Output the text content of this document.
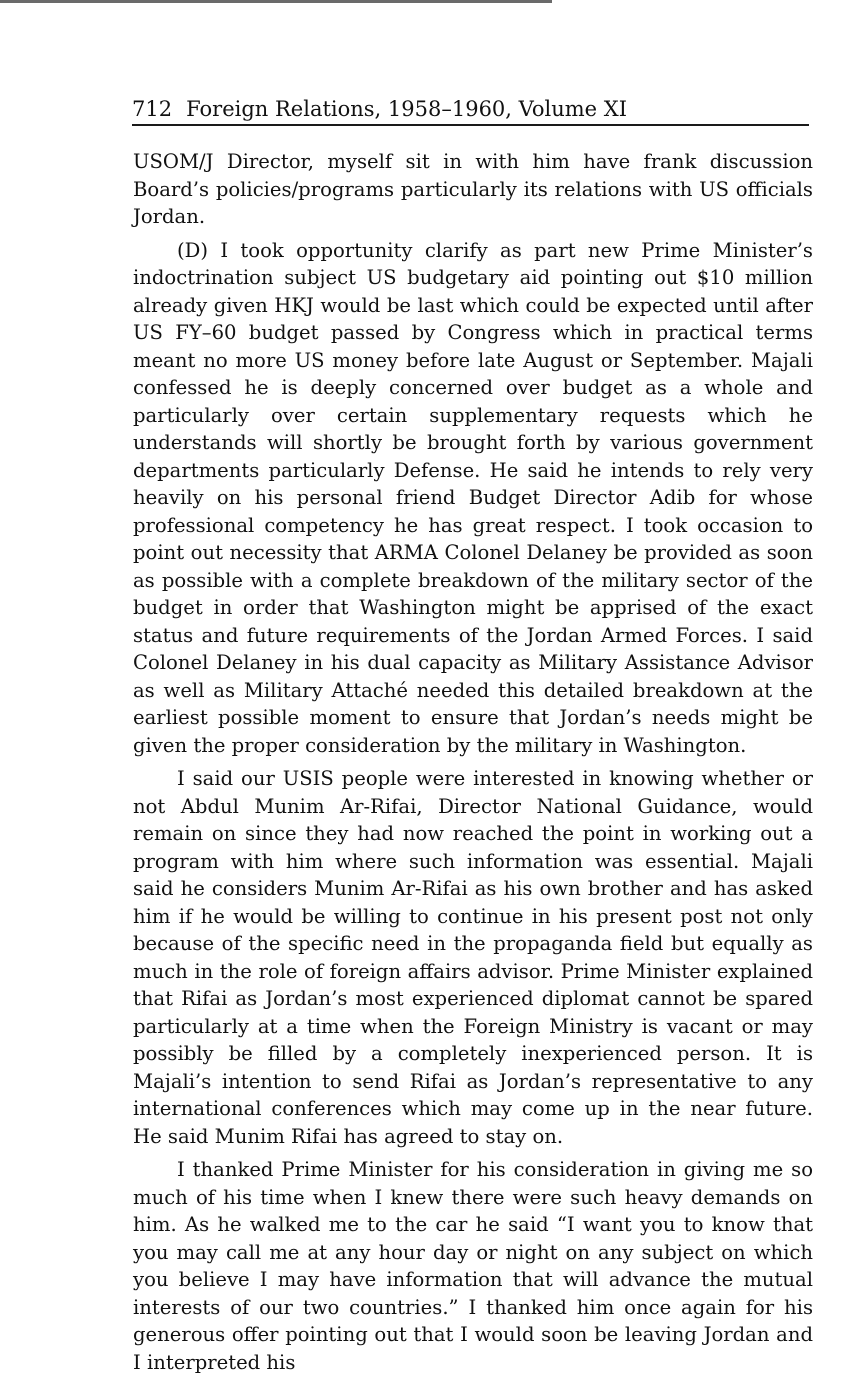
712 Foreign Relations, 1958–1960, Volume XI

USOM/J Director, myself sit in with him have frank discussion Board’s policies/programs particularly its relations with US officials Jordan.

(D) I took opportunity clarify as part new Prime Minister’s indoctrination subject US budgetary aid pointing out $10 million already given HKJ would be last which could be expected until after US FY–60 budget passed by Congress which in practical terms meant no more US money before late August or September. Majali confessed he is deeply concerned over budget as a whole and particularly over certain supplementary requests which he understands will shortly be brought forth by various government departments particularly Defense. He said he intends to rely very heavily on his personal friend Budget Director Adib for whose professional competency he has great respect. I took occasion to point out necessity that ARMA Colonel Delaney be provided as soon as possible with a complete breakdown of the military sector of the budget in order that Washington might be apprised of the exact status and future requirements of the Jordan Armed Forces. I said Colonel Delaney in his dual capacity as Military Assistance Advisor as well as Military Attaché needed this detailed breakdown at the earliest possible moment to ensure that Jordan’s needs might be given the proper consideration by the military in Washington.

I said our USIS people were interested in knowing whether or not Abdul Munim Ar-Rifai, Director National Guidance, would remain on since they had now reached the point in working out a program with him where such information was essential. Majali said he considers Munim Ar-Rifai as his own brother and has asked him if he would be willing to continue in his present post not only because of the specific need in the propaganda field but equally as much in the role of foreign affairs advisor. Prime Minister explained that Rifai as Jordan’s most experienced diplomat cannot be spared particularly at a time when the Foreign Ministry is vacant or may possibly be filled by a completely inexperienced person. It is Majali’s intention to send Rifai as Jordan’s representative to any international conferences which may come up in the near future. He said Munim Rifai has agreed to stay on.

I thanked Prime Minister for his consideration in giving me so much of his time when I knew there were such heavy demands on him. As he walked me to the car he said “I want you to know that you may call me at any hour day or night on any subject on which you believe I may have information that will advance the mutual interests of our two countries.” I thanked him once again for his generous offer pointing out that I would soon be leaving Jordan and I interpreted his
